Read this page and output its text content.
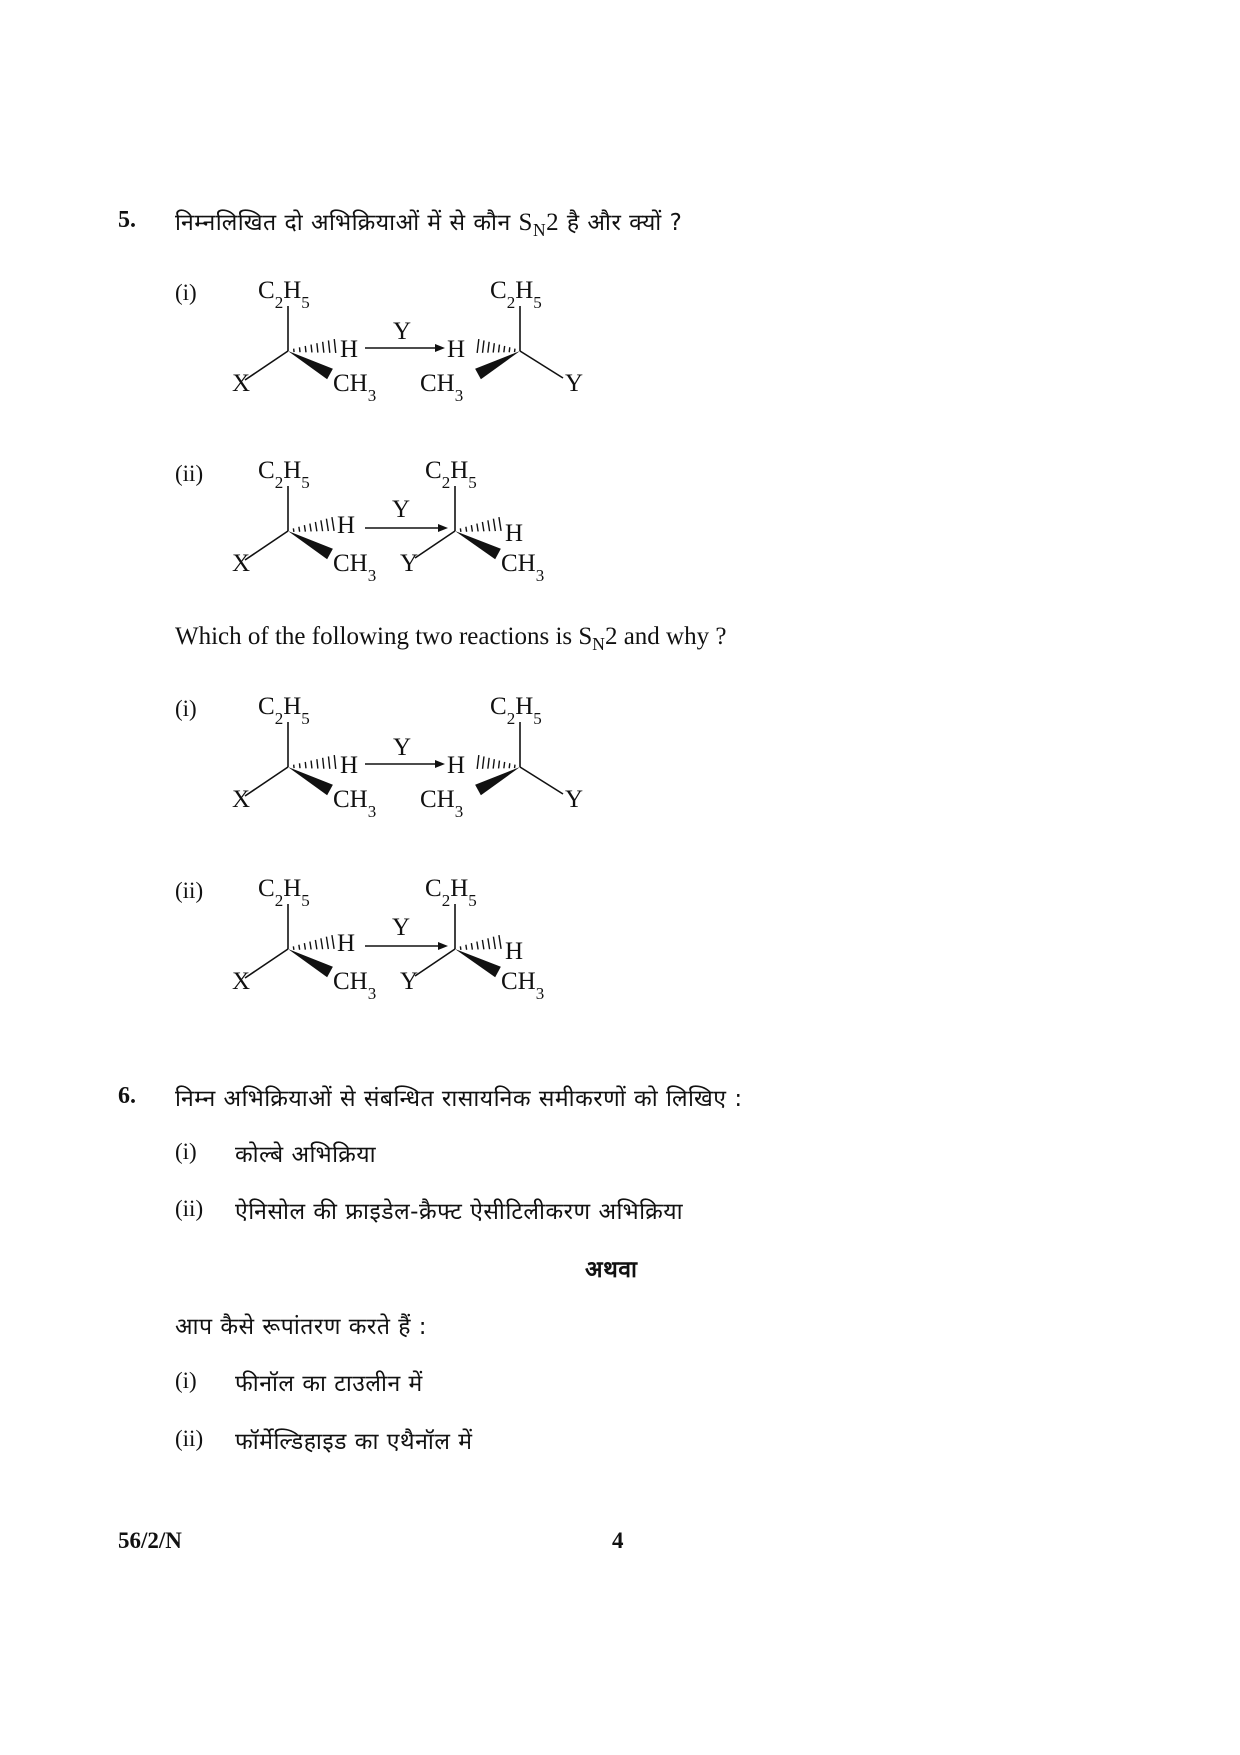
5. निम्नलिखित दो अभिक्रियाओं में से कौन $S_N2$ है और क्यों ?
(i)
(ii)
Which of the following two reactions is $S_N2$ and why ?
(i)
(ii)
$C_2H_5$
X
H
$CH_3$
Y
$C_2H_5$
H
$CH_3$	Y
$C_2H_5$
X
H
$CH_3$
Y
$C_2H_5$
Y
H
$CH_3$
$C_2H_5$
X
H
$CH_3$
Y
$C_2H_5$
H
$CH_3$	Y
$C_2H_5$
X
H
$CH_3$
Y
$C_2H_5$
Y
H
$CH_3$
6. निम्न अभिक्रियाओं से संबन्धित रासायनिक समीकरणों को लिखिए :
(i) कोल्बे अभिक्रिया
(ii) ऐनिसोल की फ्राइडेल-क्रैफ्ट ऐसीटिलीकरण अभिक्रिया
अथवा
आप कैसे रूपांतरण करते हैं :
(i) फीनॉल का टाउलीन में
(ii) फॉर्मेल्डिहाइड का एथैनॉल में
56/2/N	4
